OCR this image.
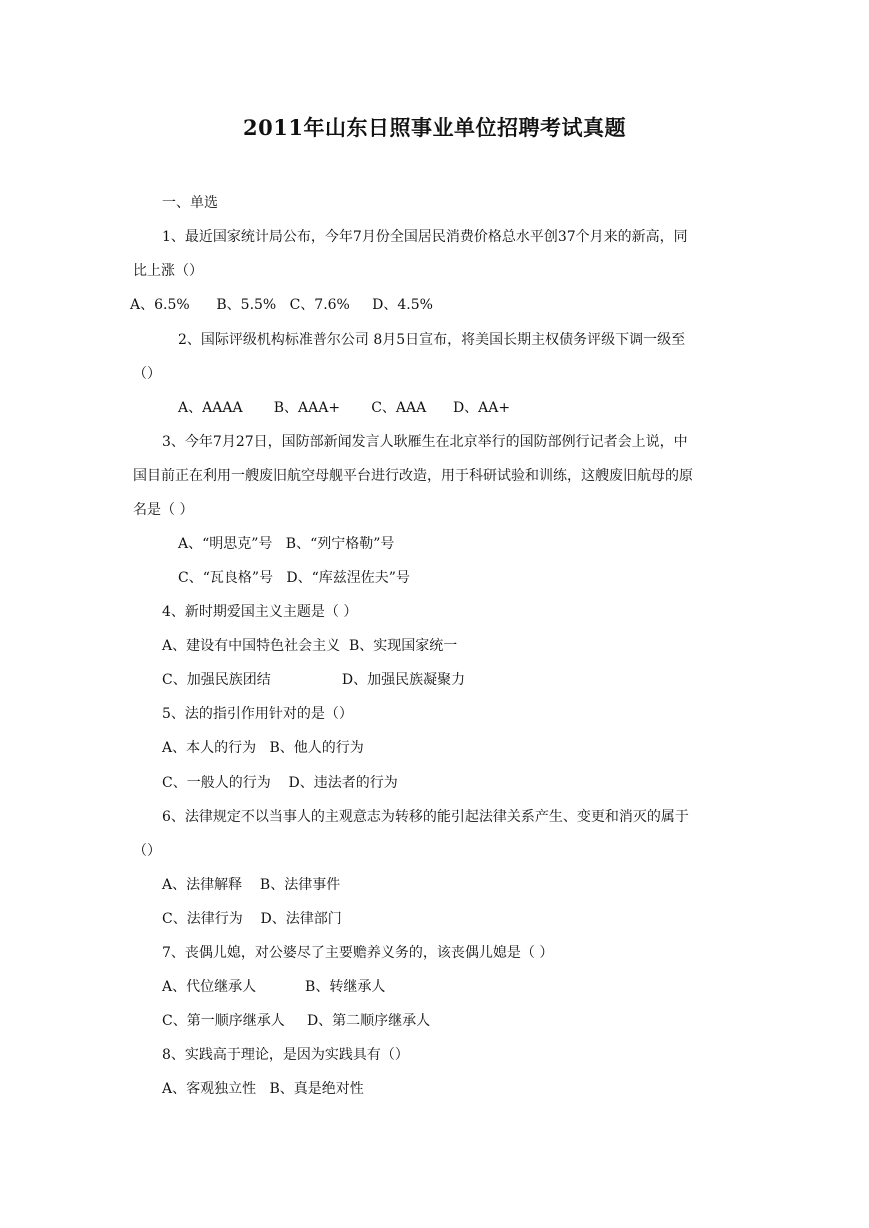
2011年山东日照事业单位招聘考试真题
一、单选
1、最近国家统计局公布，今年7月份全国居民消费价格总水平创37个月来的新高，同
比上涨（）
A、6.5%      B、5.5%   C、7.6%     D、4.5%
2、国际评级机构标准普尔公司 8月5日宣布，将美国长期主权债务评级下调一级至
（）
A、AAAA       B、AAA+       C、AAA      D、AA+
3、今年7月27日，国防部新闻发言人耿雁生在北京举行的国防部例行记者会上说，中
国目前正在利用一艘废旧航空母舰平台进行改造，用于科研试验和训练，这艘废旧航母的原
名是（ ）
A、“明思克”号   B、“列宁格勒”号
C、“瓦良格”号   D、“库兹涅佐夫”号
4、新时期爱国主义主题是（ ）
A、建设有中国特色社会主义  B、实现国家统一
C、加强民族团结                D、加强民族凝聚力
5、法的指引作用针对的是（）
A、本人的行为   B、他人的行为
C、一般人的行为    D、违法者的行为
6、法律规定不以当事人的主观意志为转移的能引起法律关系产生、变更和消灭的属于
（）
A、法律解释    B、法律事件
C、法律行为    D、法律部门
7、丧偶儿媳，对公婆尽了主要赡养义务的，该丧偶儿媳是（ ）
A、代位继承人           B、转继承人
C、第一顺序继承人     D、第二顺序继承人
8、实践高于理论，是因为实践具有（）
A、客观独立性   B、真是绝对性
